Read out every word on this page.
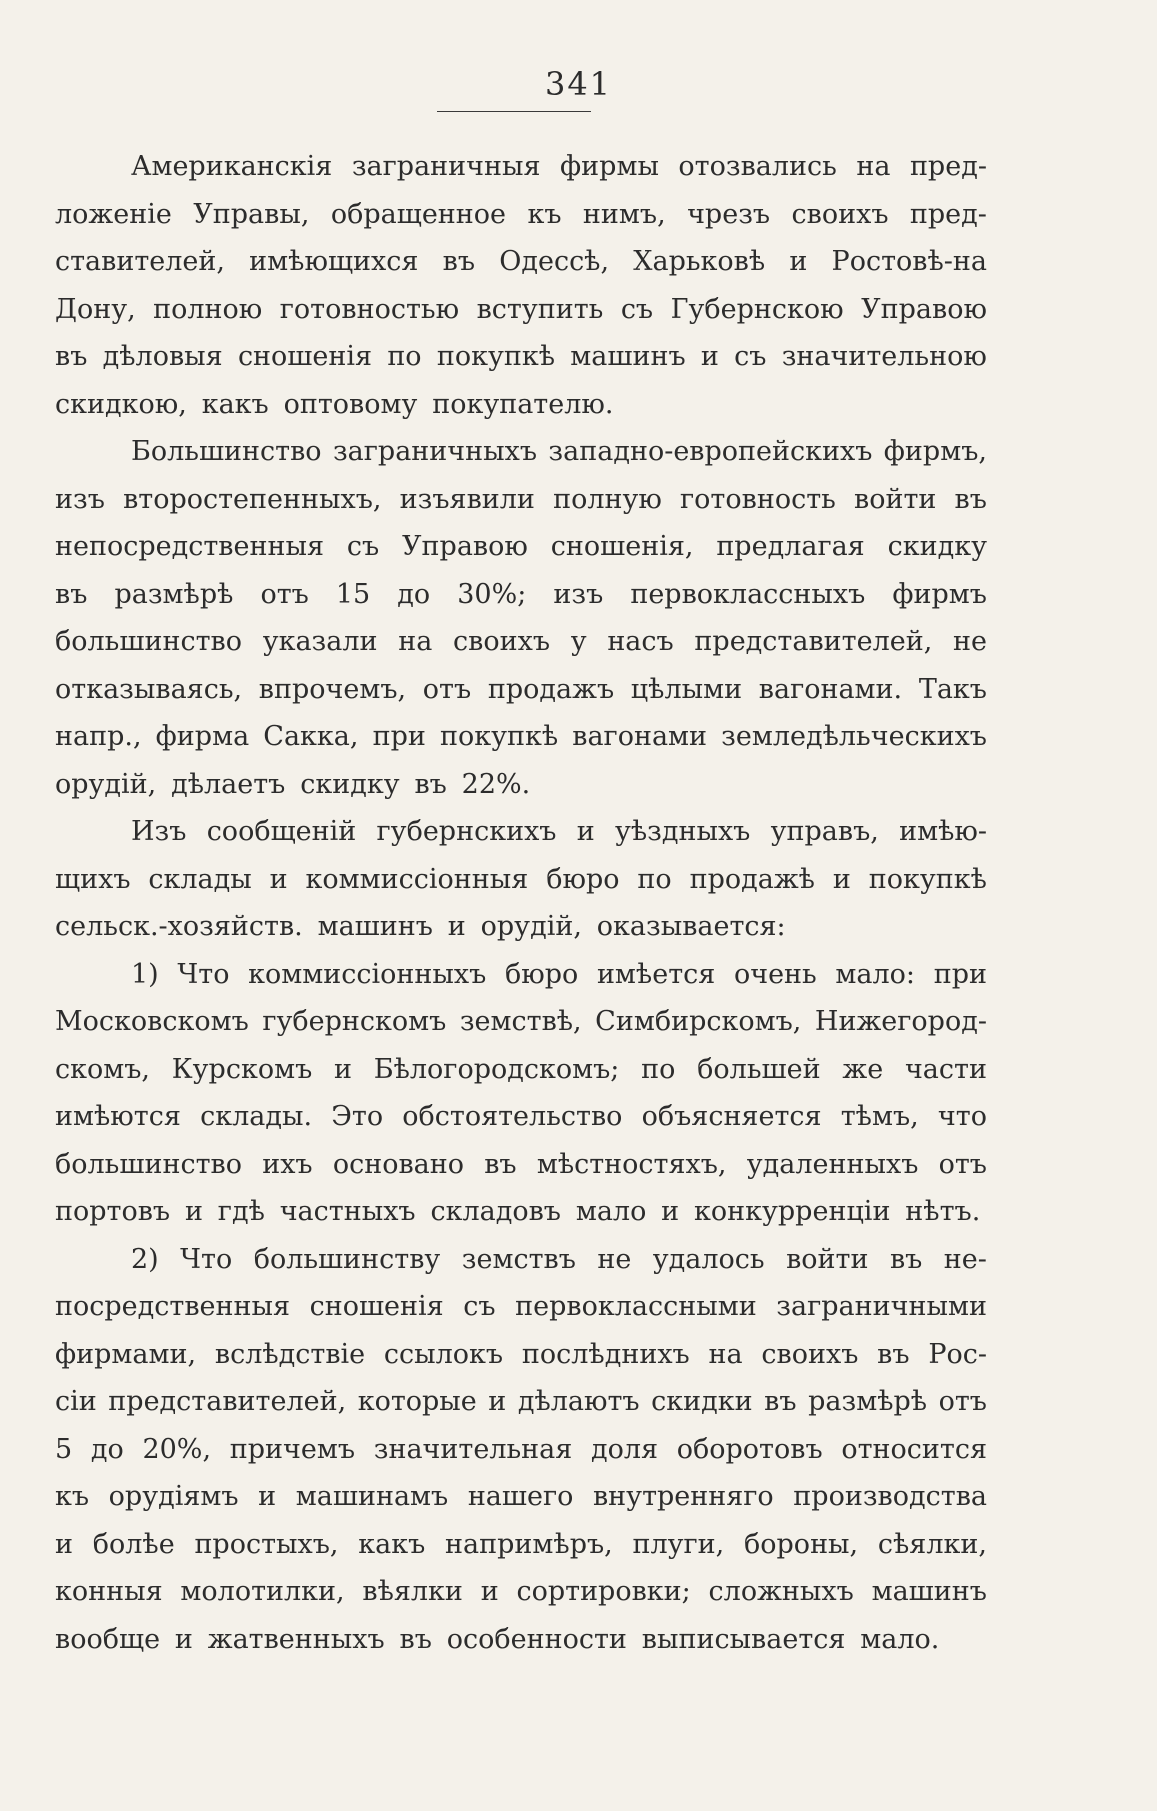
341
Американскія заграничныя фирмы отозвались на пред-
ложеніе Управы, обращенное къ нимъ, чрезъ своихъ пред-
ставителей, имѣющихся въ Одессѣ, Харьковѣ и Ростовѣ-на
Дону, полною готовностью вступить съ Губернскою Управою
въ дѣловыя сношенія по покупкѣ машинъ и съ значительною
скидкою, какъ оптовому покупателю.
Большинство заграничныхъ западно-европейскихъ фирмъ,
изъ второстепенныхъ, изъявили полную готовность войти въ
непосредственныя съ Управою сношенія, предлагая скидку
въ размѣрѣ отъ 15 до 30%; изъ первоклассныхъ фирмъ
большинство указали на своихъ у насъ представителей, не
отказываясь, впрочемъ, отъ продажъ цѣлыми вагонами. Такъ
напр., фирма Сакка, при покупкѣ вагонами земледѣльческихъ
орудій, дѣлаетъ скидку въ 22%.
Изъ сообщеній губернскихъ и уѣздныхъ управъ, имѣю-
щихъ склады и коммиссіонныя бюро по продажѣ и покупкѣ
сельск.-хозяйств. машинъ и орудій, оказывается:
1) Что коммиссіонныхъ бюро имѣется очень мало: при
Московскомъ губернскомъ земствѣ, Симбирскомъ, Нижегород-
скомъ, Курскомъ и Бѣлогородскомъ; по большей же части
имѣются склады. Это обстоятельство объясняется тѣмъ, что
большинство ихъ основано въ мѣстностяхъ, удаленныхъ отъ
портовъ и гдѣ частныхъ складовъ мало и конкурренціи нѣтъ.
2) Что большинству земствъ не удалось войти въ не-
посредственныя сношенія съ первоклассными заграничными
фирмами, вслѣдствіе ссылокъ послѣднихъ на своихъ въ Рос-
сіи представителей, которые и дѣлаютъ скидки въ размѣрѣ отъ
5 до 20%, причемъ значительная доля оборотовъ относится
къ орудіямъ и машинамъ нашего внутренняго производства
и болѣе простыхъ, какъ напримѣръ, плуги, бороны, сѣялки,
конныя молотилки, вѣялки и сортировки; сложныхъ машинъ
вообще и жатвенныхъ въ особенности выписывается мало.
